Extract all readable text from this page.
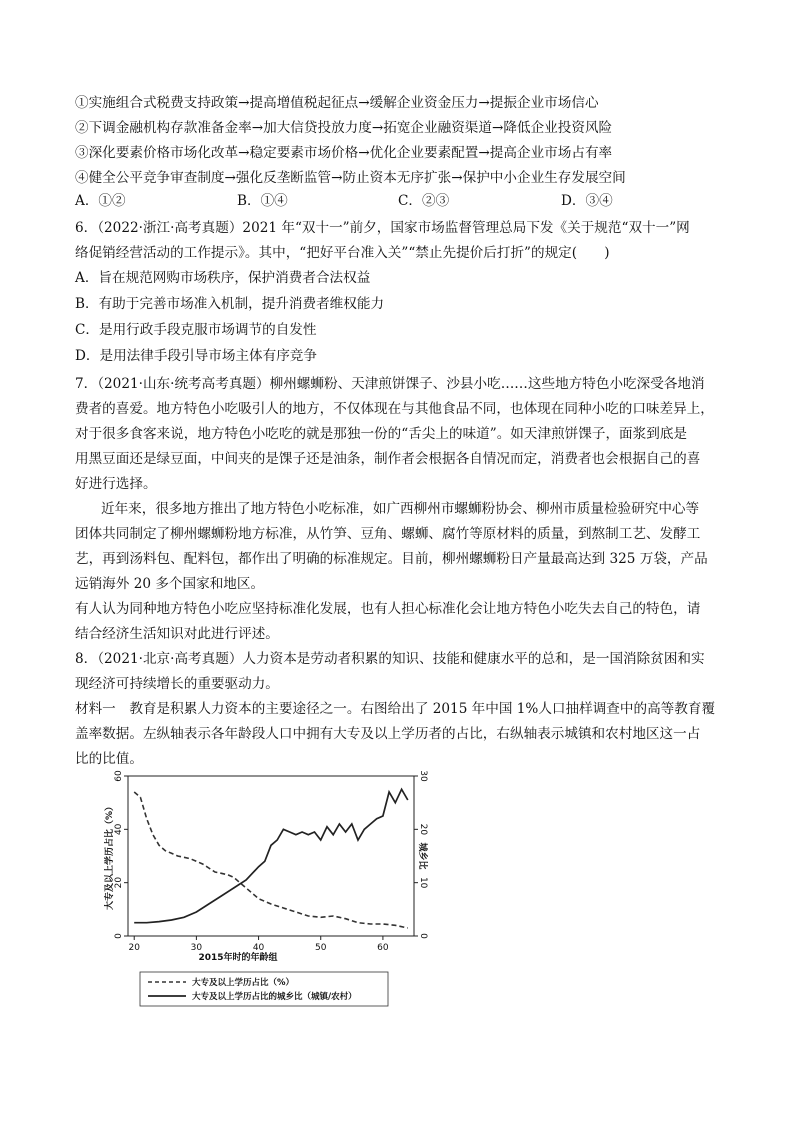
①实施组合式税费支持政策→提高增值税起征点→缓解企业资金压力→提振企业市场信心
②下调金融机构存款准备金率→加大信贷投放力度→拓宽企业融资渠道→降低企业投资风险
③深化要素价格市场化改革→稳定要素市场价格→优化企业要素配置→提高企业市场占有率
④健全公平竞争审查制度→强化反垄断监管→防止资本无序扩张→保护中小企业生存发展空间
A．①②	B．①④	C．②③	D．③④
6．（2022·浙江·高考真题）2021 年“双十一”前夕，国家市场监督管理总局下发《关于规范“双十一”网
络促销经营活动的工作提示》。其中，“把好平台准入关”“禁止先提价后打折”的规定(　　)
A．旨在规范网购市场秩序，保护消费者合法权益
B．有助于完善市场准入机制，提升消费者维权能力
C．是用行政手段克服市场调节的自发性
D．是用法律手段引导市场主体有序竞争
7．（2021·山东·统考高考真题）柳州螺蛳粉、天津煎饼馃子、沙县小吃……这些地方特色小吃深受各地消
费者的喜爱。地方特色小吃吸引人的地方，不仅体现在与其他食品不同，也体现在同种小吃的口味差异上，
对于很多食客来说，地方特色小吃吃的就是那独一份的“舌尖上的味道”。如天津煎饼馃子，面浆到底是
用黑豆面还是绿豆面，中间夹的是馃子还是油条，制作者会根据各自情况而定，消费者也会根据自己的喜
好进行选择。
近年来，很多地方推出了地方特色小吃标准，如广西柳州市螺蛳粉协会、柳州市质量检验研究中心等
团体共同制定了柳州螺蛳粉地方标准，从竹笋、豆角、螺蛳、腐竹等原材料的质量，到熬制工艺、发酵工
艺，再到汤料包、配料包，都作出了明确的标准规定。目前，柳州螺蛳粉日产量最高达到 325 万袋，产品
远销海外 20 多个国家和地区。
有人认为同种地方特色小吃应坚持标准化发展，也有人担心标准化会让地方特色小吃失去自己的特色，请
结合经济生活知识对此进行评述。
8．（2021·北京·高考真题）人力资本是劳动者积累的知识、技能和健康水平的总和，是一国消除贫困和实
现经济可持续增长的重要驱动力。
材料一　教育是积累人力资本的主要途径之一。右图给出了 2015 年中国 1%人口抽样调查中的高等教育覆
盖率数据。左纵轴表示各年龄段人口中拥有大专及以上学历者的占比，右纵轴表示城镇和农村地区这一占
比的比值。
20	30	40	50	60
0
20
40
60
0
10
20
30
2015年时的年龄组
大专及以上学历占比（%）	城乡比
大专及以上学历占比（%）
大专及以上学历占比的城乡比（城镇/农村）
